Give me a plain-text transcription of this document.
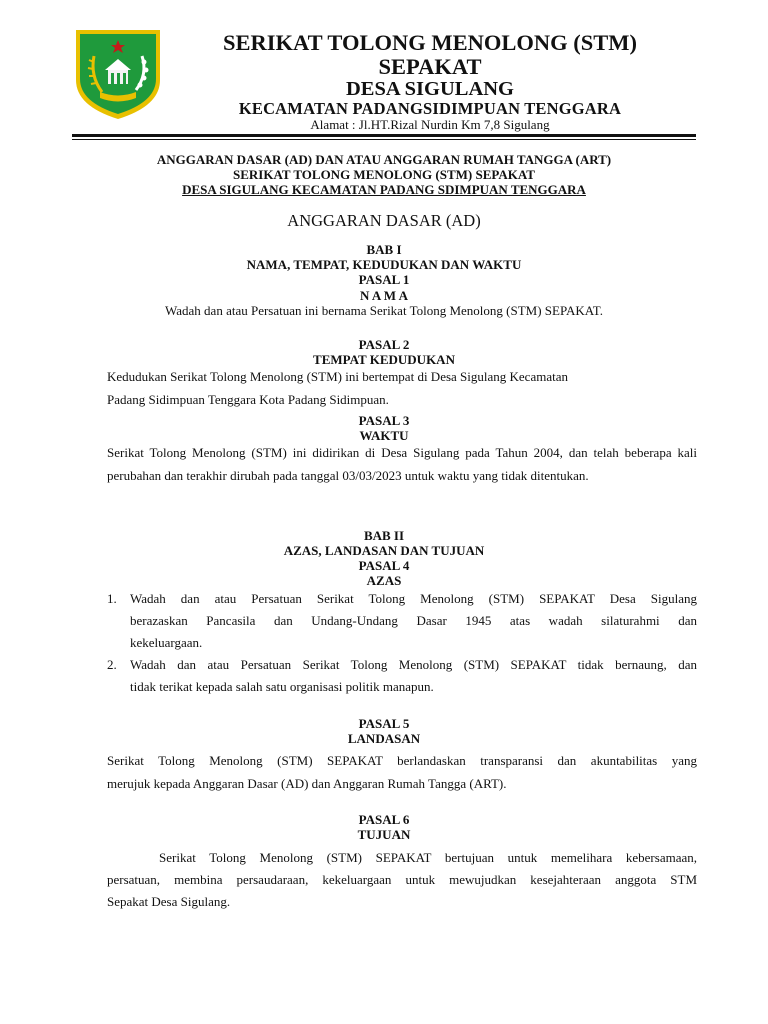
SERIKAT TOLONG MENOLONG (STM)
SEPAKAT
DESA SIGULANG
KECAMATAN PADANGSIDIMPUAN TENGGARA
Alamat : Jl.HT.Rizal Nurdin Km 7,8 Sigulang
ANGGARAN DASAR (AD) DAN ATAU ANGGARAN RUMAH TANGGA (ART)
SERIKAT TOLONG MENOLONG (STM) SEPAKAT
DESA SIGULANG KECAMATAN PADANG SDIMPUAN TENGGARA
ANGGARAN DASAR (AD)
BAB I
NAMA, TEMPAT, KEDUDUKAN DAN WAKTU
PASAL 1
N A M A
Wadah dan atau Persatuan ini bernama Serikat Tolong Menolong (STM) SEPAKAT.
PASAL 2
TEMPAT KEDUDUKAN
Kedudukan Serikat Tolong Menolong (STM) ini bertempat di Desa Sigulang Kecamatan
Padang Sidimpuan Tenggara Kota Padang Sidimpuan.
PASAL 3
WAKTU
Serikat Tolong Menolong (STM) ini didirikan di Desa Sigulang pada Tahun 2004, dan telah beberapa kali perubahan dan terakhir dirubah pada tanggal 03/03/2023 untuk waktu yang tidak ditentukan.
BAB II
AZAS, LANDASAN DAN TUJUAN
PASAL 4
AZAS
1. Wadah dan atau Persatuan Serikat Tolong Menolong (STM) SEPAKAT Desa Sigulang
berazaskan Pancasila dan Undang-Undang Dasar 1945 atas wadah silaturahmi dan
kekeluargaan.
2. Wadah dan atau Persatuan Serikat Tolong Menolong (STM) SEPAKAT tidak bernaung, dan
tidak terikat kepada salah satu organisasi politik manapun.
PASAL 5
LANDASAN
Serikat Tolong Menolong (STM) SEPAKAT berlandaskan transparansi dan akuntabilitas yang
merujuk kepada Anggaran Dasar (AD) dan Anggaran Rumah Tangga (ART).
PASAL 6
TUJUAN
Serikat Tolong Menolong (STM) SEPAKAT bertujuan untuk memelihara kebersamaan,
persatuan, membina persaudaraan, kekeluargaan untuk mewujudkan kesejahteraan anggota STM
Sepakat Desa Sigulang.
